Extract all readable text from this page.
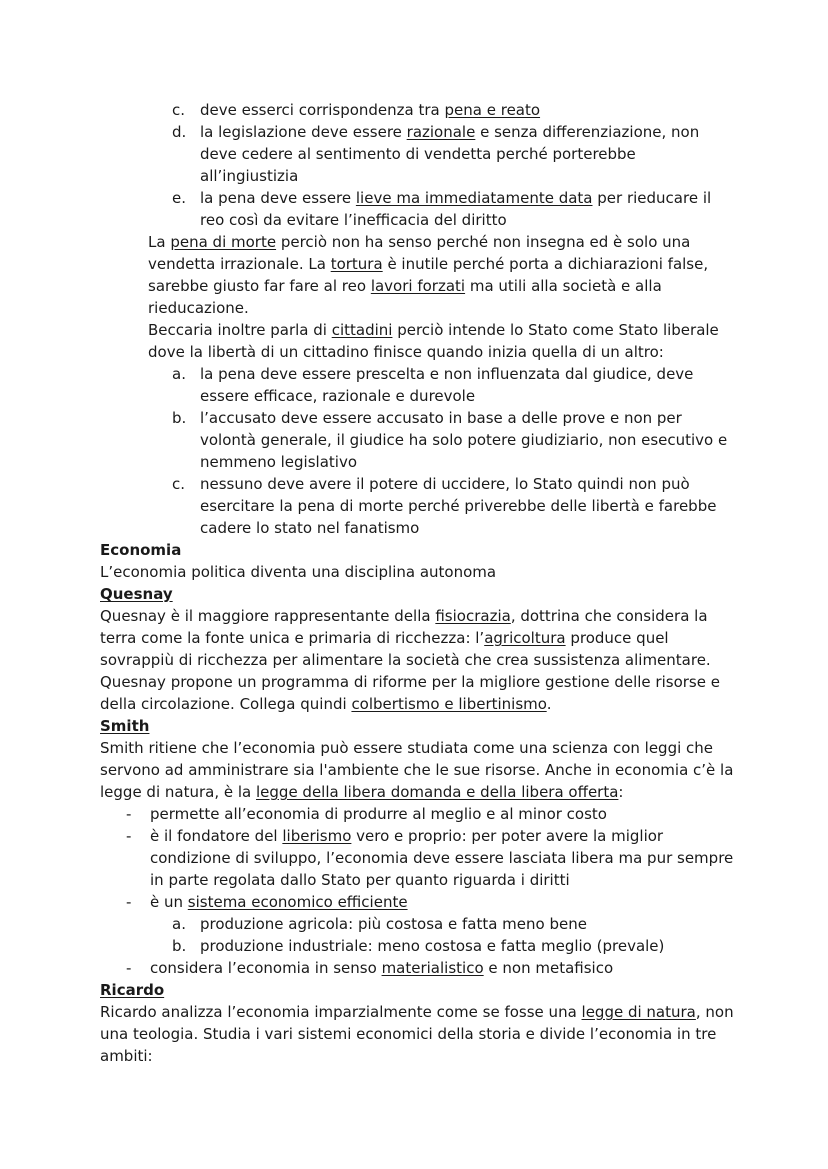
c. deve esserci corrispondenza tra pena e reato
d. la legislazione deve essere razionale e senza differenziazione, non
deve cedere al sentimento di vendetta perché porterebbe
all’ingiustizia
e. la pena deve essere lieve ma immediatamente data per rieducare il
reo così da evitare l’inefficacia del diritto
La pena di morte perciò non ha senso perché non insegna ed è solo una
vendetta irrazionale. La tortura è inutile perché porta a dichiarazioni false,
sarebbe giusto far fare al reo lavori forzati ma utili alla società e alla
rieducazione.
Beccaria inoltre parla di cittadini perciò intende lo Stato come Stato liberale
dove la libertà di un cittadino finisce quando inizia quella di un altro:
a. la pena deve essere prescelta e non influenzata dal giudice, deve
essere efficace, razionale e durevole
b. l’accusato deve essere accusato in base a delle prove e non per
volontà generale, il giudice ha solo potere giudiziario, non esecutivo e
nemmeno legislativo
c. nessuno deve avere il potere di uccidere, lo Stato quindi non può
esercitare la pena di morte perché priverebbe delle libertà e farebbe
cadere lo stato nel fanatismo
Economia
L’economia politica diventa una disciplina autonoma
Quesnay
Quesnay è il maggiore rappresentante della fisiocrazia, dottrina che considera la
terra come la fonte unica e primaria di ricchezza: l’agricoltura produce quel
sovrappiù di ricchezza per alimentare la società che crea sussistenza alimentare.
Quesnay propone un programma di riforme per la migliore gestione delle risorse e
della circolazione. Collega quindi colbertismo e libertinismo.
Smith
Smith ritiene che l’economia può essere studiata come una scienza con leggi che
servono ad amministrare sia l'ambiente che le sue risorse. Anche in economia c’è la
legge di natura, è la legge della libera domanda e della libera offerta:
- permette all’economia di produrre al meglio e al minor costo
- è il fondatore del liberismo vero e proprio: per poter avere la miglior
condizione di sviluppo, l’economia deve essere lasciata libera ma pur sempre
in parte regolata dallo Stato per quanto riguarda i diritti
- è un sistema economico efficiente
a. produzione agricola: più costosa e fatta meno bene
b. produzione industriale: meno costosa e fatta meglio (prevale)
- considera l’economia in senso materialistico e non metafisico
Ricardo
Ricardo analizza l’economia imparzialmente come se fosse una legge di natura, non
una teologia. Studia i vari sistemi economici della storia e divide l’economia in tre
ambiti:
